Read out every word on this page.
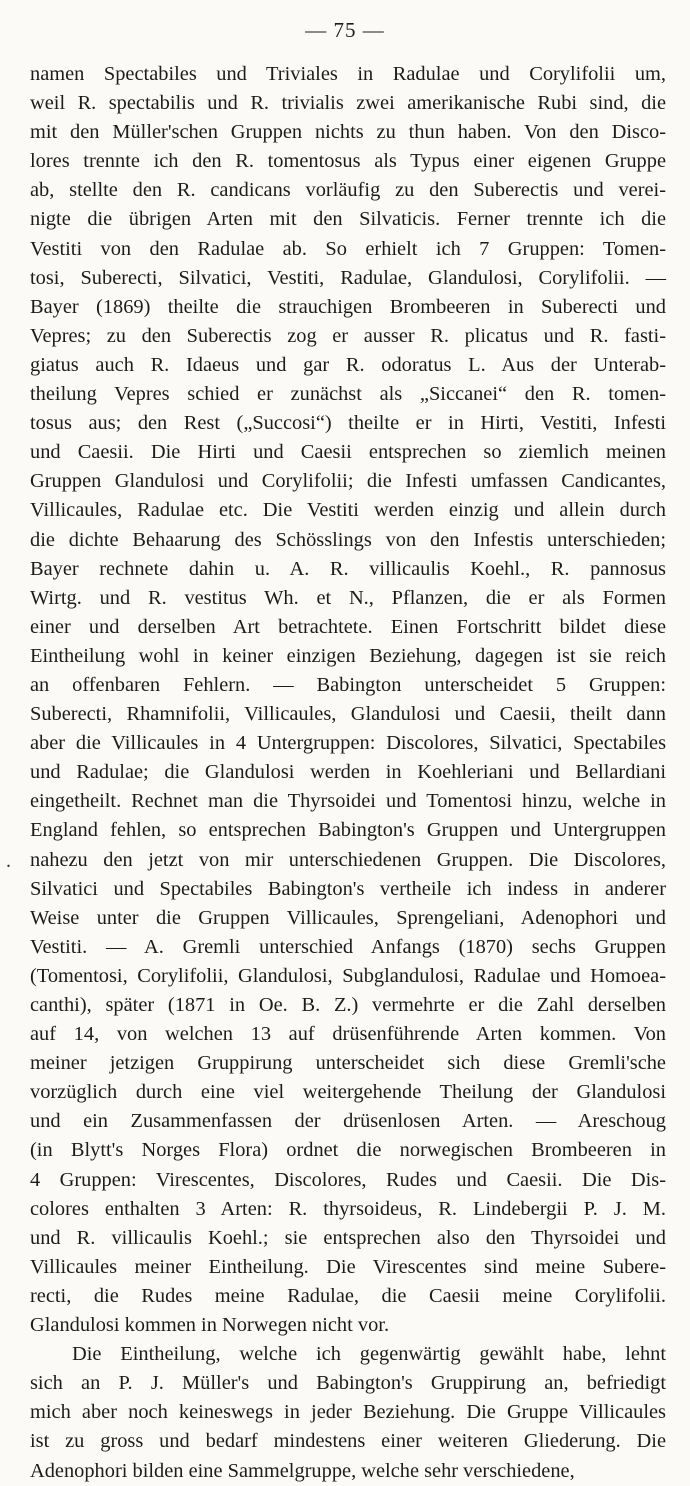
— 75 —
.
namen Spectabiles und Triviales in Radulae und Corylifolii um,
weil R. spectabilis und R. trivialis zwei amerikanische Rubi sind, die
mit den Müller'schen Gruppen nichts zu thun haben. Von den Disco-
lores trennte ich den R. tomentosus als Typus einer eigenen Gruppe
ab, stellte den R. candicans vorläufig zu den Suberectis und verei-
nigte die übrigen Arten mit den Silvaticis. Ferner trennte ich die
Vestiti von den Radulae ab. So erhielt ich 7 Gruppen: Tomen-
tosi, Suberecti, Silvatici, Vestiti, Radulae, Glandulosi, Corylifolii. —
Bayer (1869) theilte die strauchigen Brombeeren in Suberecti und
Vepres; zu den Suberectis zog er ausser R. plicatus und R. fasti-
giatus auch R. Idaeus und gar R. odoratus L. Aus der Unterab-
theilung Vepres schied er zunächst als „Siccanei“ den R. tomen-
tosus aus; den Rest („Succosi“) theilte er in Hirti, Vestiti, Infesti
und Caesii. Die Hirti und Caesii entsprechen so ziemlich meinen
Gruppen Glandulosi und Corylifolii; die Infesti umfassen Candicantes,
Villicaules, Radulae etc. Die Vestiti werden einzig und allein durch
die dichte Behaarung des Schösslings von den Infestis unterschieden;
Bayer rechnete dahin u. A. R. villicaulis Koehl., R. pannosus
Wirtg. und R. vestitus Wh. et N., Pflanzen, die er als Formen
einer und derselben Art betrachtete. Einen Fortschritt bildet diese
Eintheilung wohl in keiner einzigen Beziehung, dagegen ist sie reich
an offenbaren Fehlern. — Babington unterscheidet 5 Gruppen:
Suberecti, Rhamnifolii, Villicaules, Glandulosi und Caesii, theilt dann
aber die Villicaules in 4 Untergruppen: Discolores, Silvatici, Spectabiles
und Radulae; die Glandulosi werden in Koehleriani und Bellardiani
eingetheilt. Rechnet man die Thyrsoidei und Tomentosi hinzu, welche in
England fehlen, so entsprechen Babington's Gruppen und Untergruppen
nahezu den jetzt von mir unterschiedenen Gruppen. Die Discolores,
Silvatici und Spectabiles Babington's vertheile ich indess in anderer
Weise unter die Gruppen Villicaules, Sprengeliani, Adenophori und
Vestiti. — A. Gremli unterschied Anfangs (1870) sechs Gruppen
(Tomentosi, Corylifolii, Glandulosi, Subglandulosi, Radulae und Homoea-
canthi), später (1871 in Oe. B. Z.) vermehrte er die Zahl derselben
auf 14, von welchen 13 auf drüsenführende Arten kommen. Von
meiner jetzigen Gruppirung unterscheidet sich diese Gremli'sche
vorzüglich durch eine viel weitergehende Theilung der Glandulosi
und ein Zusammenfassen der drüsenlosen Arten. — Areschoug
(in Blytt's Norges Flora) ordnet die norwegischen Brombeeren in
4 Gruppen: Virescentes, Discolores, Rudes und Caesii. Die Dis-
colores enthalten 3 Arten: R. thyrsoideus, R. Lindebergii P. J. M.
und R. villicaulis Koehl.; sie entsprechen also den Thyrsoidei und
Villicaules meiner Eintheilung. Die Virescentes sind meine Subere-
recti, die Rudes meine Radulae, die Caesii meine Corylifolii.
Glandulosi kommen in Norwegen nicht vor.
Die Eintheilung, welche ich gegenwärtig gewählt habe, lehnt
sich an P. J. Müller's und Babington's Gruppirung an, befriedigt
mich aber noch keineswegs in jeder Beziehung. Die Gruppe Villicaules
ist zu gross und bedarf mindestens einer weiteren Gliederung. Die
Adenophori bilden eine Sammelgruppe, welche sehr verschiedene,
